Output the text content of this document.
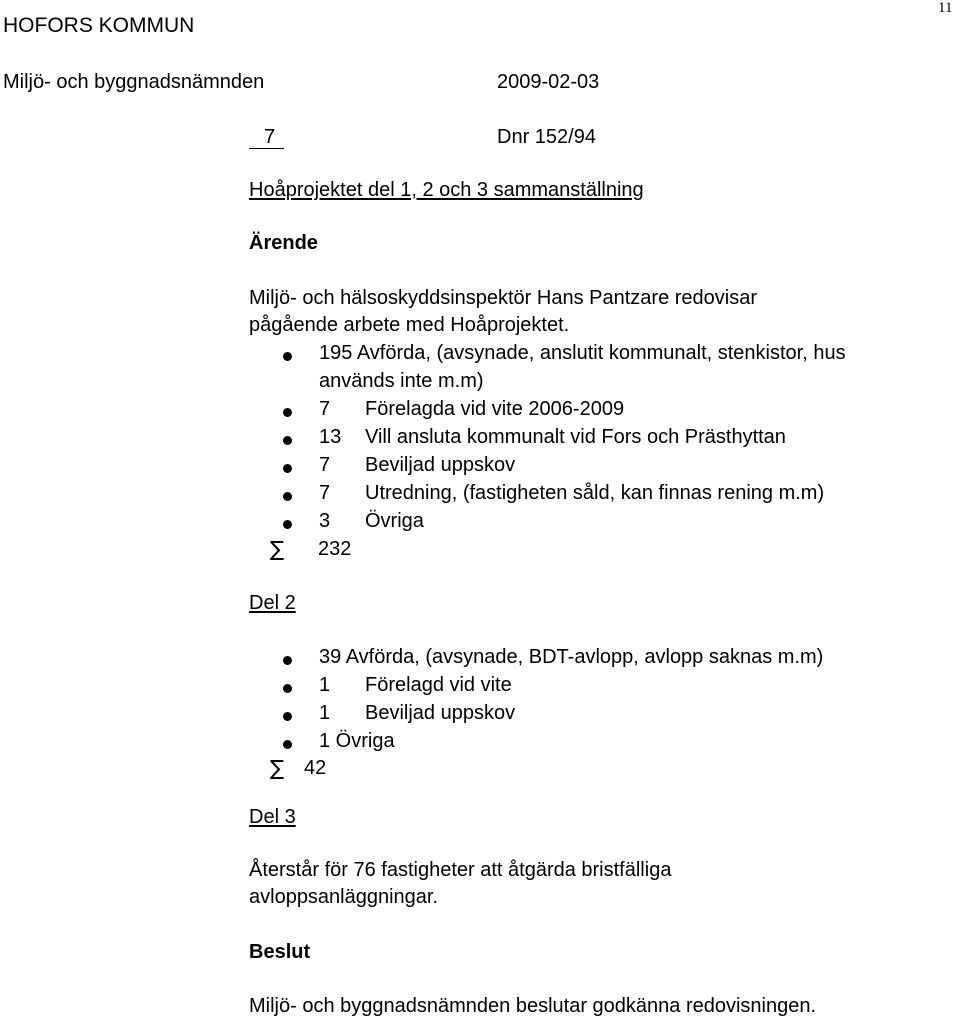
11
HOFORS KOMMUN
Miljö- och byggnadsnämnden	2009-02-03
7	Dnr 152/94
Hoåprojektet del 1, 2 och 3 sammanställning
Ärende
Miljö- och hälsoskyddsinspektör Hans Pantzare redovisar
pågående arbete med Hoåprojektet.
195 Avförda, (avsynade, anslutit kommunalt, stenkistor, hus
används inte m.m)
7 Förelagda vid vite 2006-2009
13 Vill ansluta kommunalt vid Fors och Prästhyttan
7 Beviljad uppskov
7 Utredning, (fastigheten såld, kan finnas rening m.m)
3 Övriga
∑ 232
Del 2
39 Avförda, (avsynade, BDT-avlopp, avlopp saknas m.m)
1 Förelagd vid vite
1 Beviljad uppskov
1 Övriga
∑ 42
Del 3
Återstår för 76 fastigheter att åtgärda bristfälliga
avloppsanläggningar.
Beslut
Miljö- och byggnadsnämnden beslutar godkänna redovisningen.
